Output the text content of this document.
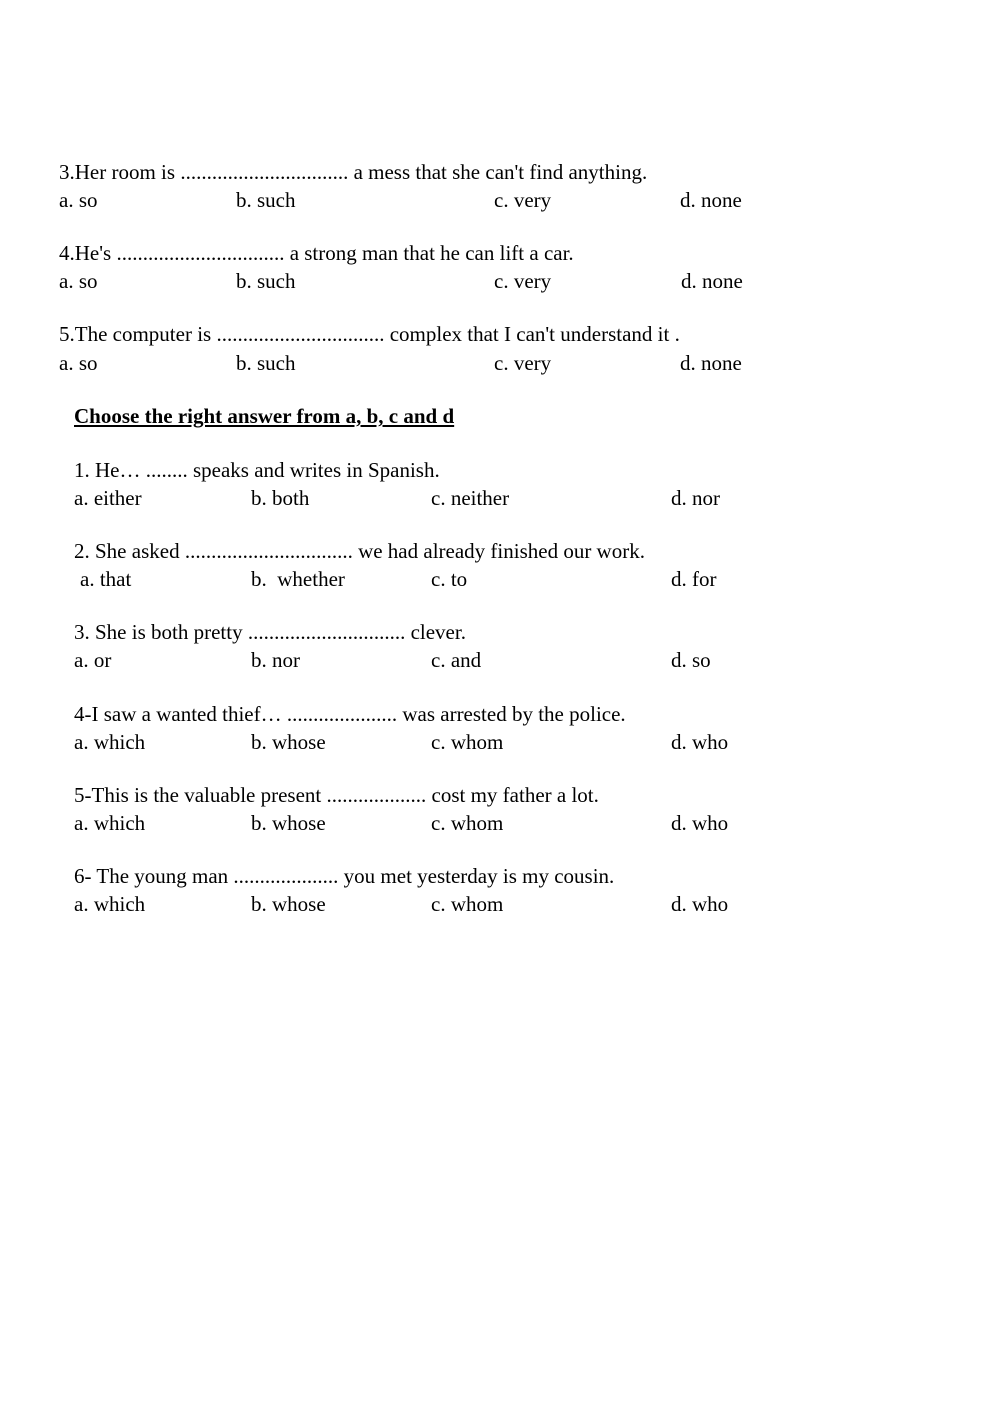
3.Her room is ................................ a mess that she can't find anything.
a. so	b. such	c. very	d. none
4.He's ................................ a strong man that he can lift a car.
a. so	b. such	c. very	d. none
5.The computer is ................................ complex that I can't understand it .
a. so	b. such	c. very	d. none
Choose the right answer from a, b, c and d
1. He… ........ speaks and writes in Spanish.
a. either	b. both	c. neither	d. nor
2. She asked ................................ we had already finished our work.
a. that	b.  whether	c. to	d. for
3. She is both pretty .............................. clever.
a. or	b. nor	c. and	d. so
4-I saw a wanted thief… ..................... was arrested by the police.
a. which	b. whose	c. whom	d. who
5-This is the valuable present ................... cost my father a lot.
a. which	b. whose	c. whom	d. who
6- The young man .................... you met yesterday is my cousin.
a. which	b. whose	c. whom	d. who
